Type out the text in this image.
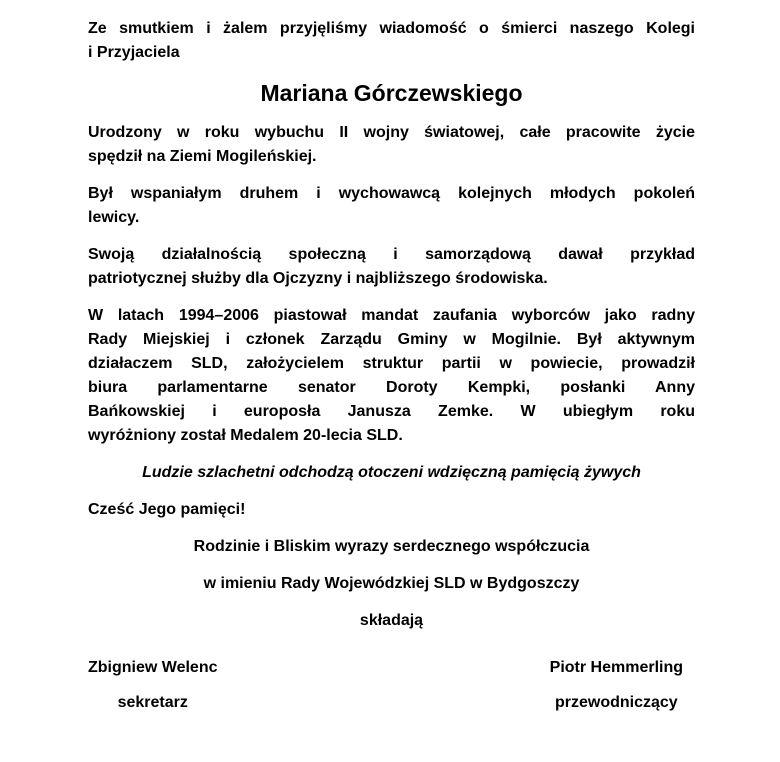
Ze smutkiem i żalem przyjęliśmy wiadomość o śmierci naszego Kolegi
i Przyjaciela

Mariana Górczewskiego

Urodzony w roku wybuchu II wojny światowej, całe pracowite życie
spędził na Ziemi Mogileńskiej.

Był wspaniałym druhem i wychowawcą kolejnych młodych pokoleń
lewicy.

Swoją działalnością społeczną i samorządową dawał przykład
patriotycznej służby dla Ojczyzny i najbliższego środowiska.

W latach 1994–2006 piastował mandat zaufania wyborców jako radny
Rady Miejskiej i członek Zarządu Gminy w Mogilnie. Był aktywnym
działaczem SLD, założycielem struktur partii w powiecie, prowadził
biura parlamentarne senator Doroty Kempki, posłanki Anny
Bańkowskiej i europosła Janusza Zemke. W ubiegłym roku
wyróżniony został Medalem 20-lecia SLD.

Ludzie szlachetni odchodzą otoczeni wdzięczną pamięcią żywych

Cześć Jego pamięci!

Rodzinie i Bliskim wyrazy serdecznego współczucia

w imieniu Rady Wojewódzkiej SLD w Bydgoszczy

składają

Zbigniew Welenc
sekretarz
Piotr Hemmerling
przewodniczący
